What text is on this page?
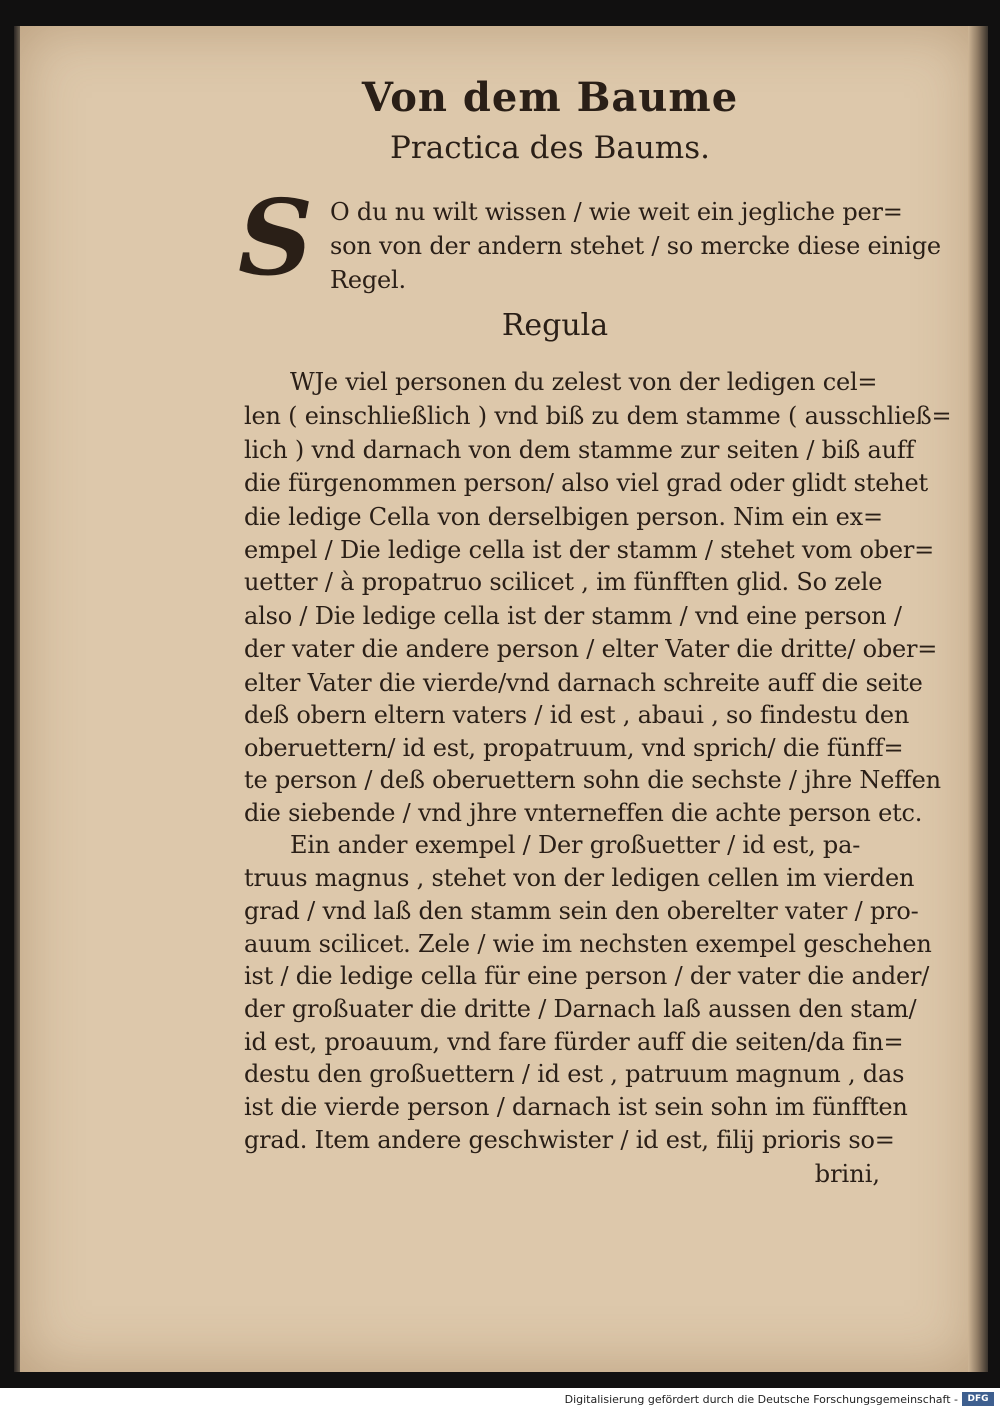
Von dem Baume
Practica des Baums.
S O du nu wilt wissen / wie weit ein jegliche per=
son von der andern stehet / so mercke diese einige
Regel.
Regula
WJe viel personen du zelest von der ledigen cel=
len ( einschließlich ) vnd biß zu dem stamme ( ausschließ=
lich ) vnd darnach von dem stamme zur seiten / biß auff
die fürgenommen person/ also viel grad oder glidt stehet
die ledige Cella von derselbigen person. Nim ein ex=
empel / Die ledige cella ist der stamm / stehet vom ober=
uetter / à propatruo scilicet , im fünfften glid. So zele
also / Die ledige cella ist der stamm / vnd eine person /
der vater die andere person / elter Vater die dritte/ ober=
elter Vater die vierde/vnd darnach schreite auff die seite
deß obern eltern vaters / id est , abaui , so findestu den
oberuettern/ id est, propatruum, vnd sprich/ die fünff=
te person / deß oberuettern sohn die sechste / jhre Neffen
die siebende / vnd jhre vnterneffen die achte person etc.
Ein ander exempel / Der großuetter / id est, pa-
truus magnus , stehet von der ledigen cellen im vierden
grad / vnd laß den stamm sein den oberelter vater / pro-
auum scilicet. Zele / wie im nechsten exempel geschehen
ist / die ledige cella für eine person / der vater die ander/
der großuater die dritte / Darnach laß aussen den stam/
id est, proauum, vnd fare fürder auff die seiten/da fin=
destu den großuettern / id est , patruum magnum , das
ist die vierde person / darnach ist sein sohn im fünfften
grad. Item andere geschwister / id est, filij prioris so=
brini,
Digitalisierung gefördert durch die Deutsche Forschungsgemeinschaft -	DFG
